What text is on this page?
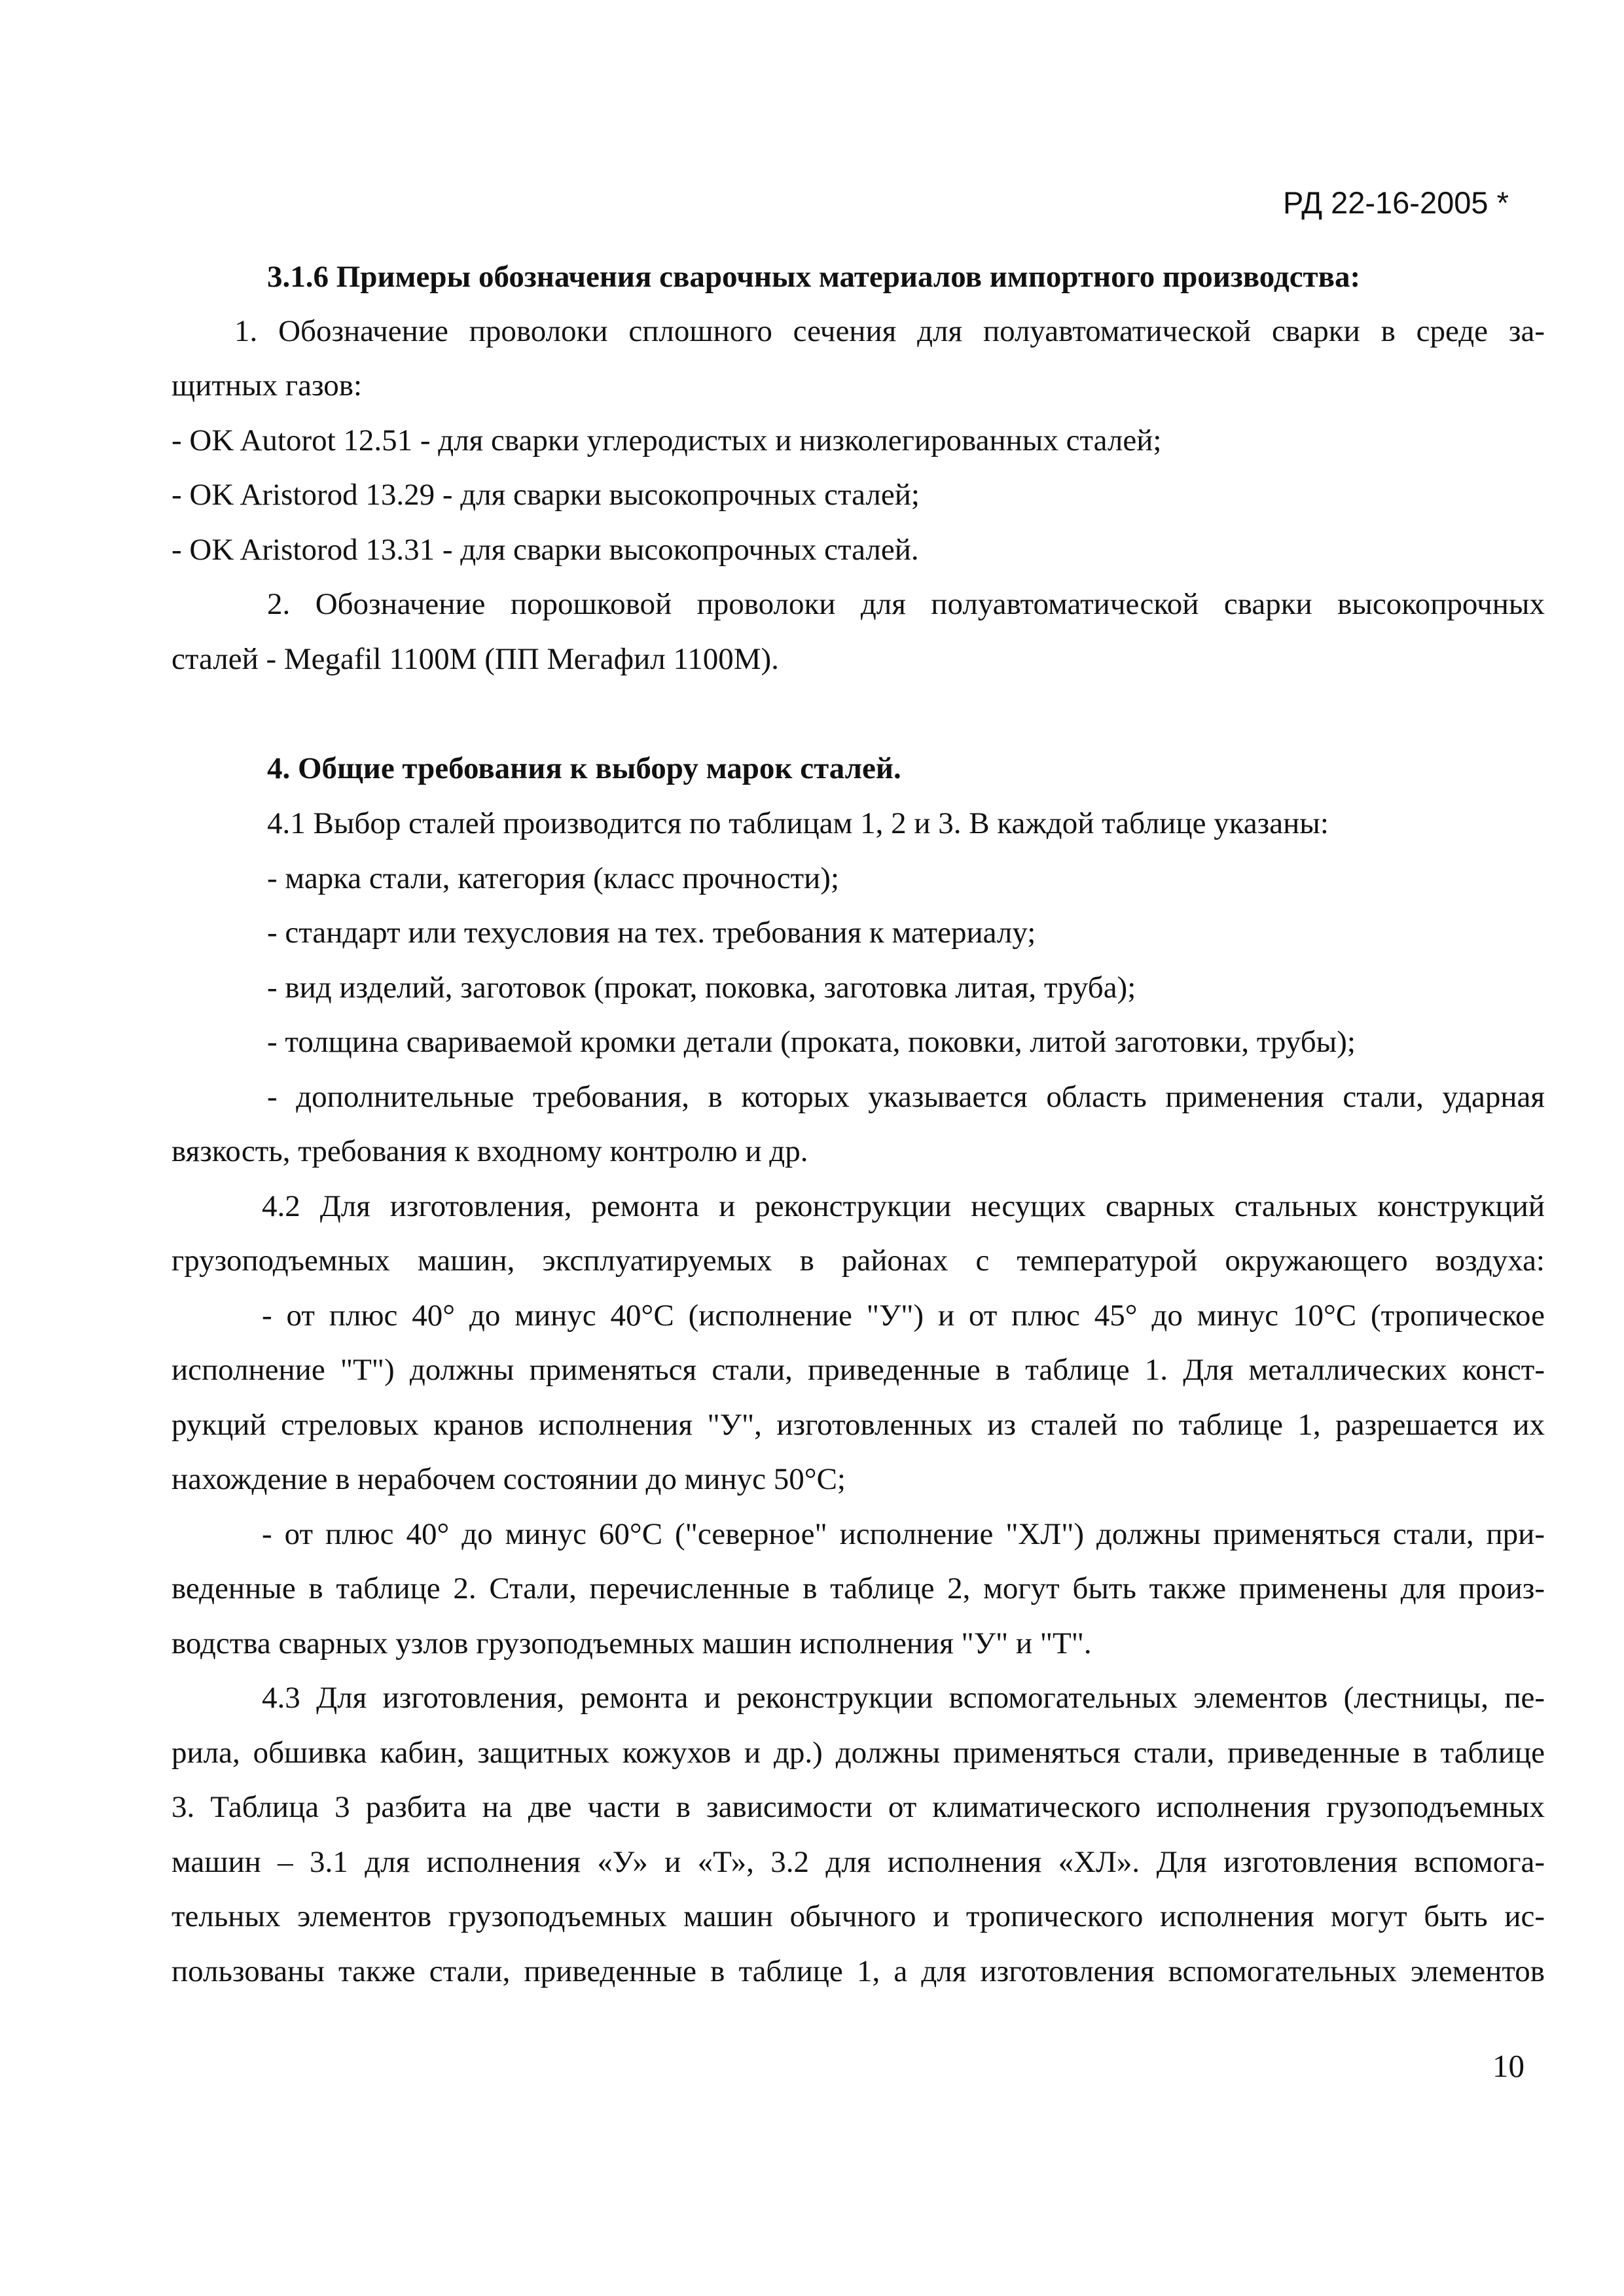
РД 22-16-2005 *
3.1.6 Примеры обозначения сварочных материалов импортного производства:
1. Обозначение проволоки сплошного сечения для полуавтоматической сварки в среде за-
щитных газов:
- OK Autorot 12.51 - для сварки углеродистых и низколегированных сталей;
- OK Aristorod 13.29 - для сварки высокопрочных сталей;
- OK Aristorod 13.31 - для сварки высокопрочных сталей.
2. Обозначение порошковой проволоки для полуавтоматической сварки высокопрочных
сталей - Megafil 1100M (ПП Мегафил 1100М).
4. Общие требования к выбору марок сталей.
4.1 Выбор сталей производится по таблицам 1, 2 и 3. В каждой таблице указаны:
- марка стали, категория (класс прочности);
- стандарт или техусловия на тех. требования к материалу;
- вид изделий, заготовок (прокат, поковка, заготовка литая, труба);
- толщина свариваемой кромки детали (проката, поковки, литой заготовки, трубы);
- дополнительные требования, в которых указывается область применения стали, ударная
вязкость, требования к входному контролю и др.
4.2 Для изготовления, ремонта и реконструкции несущих сварных стальных конструкций
грузоподъемных машин, эксплуатируемых в районах с температурой окружающего воздуха:
- от плюс 40° до минус 40°С (исполнение "У") и от плюс 45° до минус 10°С (тропическое
исполнение "Т") должны применяться стали, приведенные в таблице 1. Для металлических конст-
рукций стреловых кранов исполнения "У", изготовленных из сталей по таблице 1, разрешается их
нахождение в нерабочем состоянии до минус 50°С;
- от плюс 40° до минус 60°С ("северное" исполнение "ХЛ") должны применяться стали, при-
веденные в таблице 2. Стали, перечисленные в таблице 2, могут быть также применены для произ-
водства сварных узлов грузоподъемных машин исполнения "У" и "Т".
4.3 Для изготовления, ремонта и реконструкции вспомогательных элементов (лестницы, пе-
рила, обшивка кабин, защитных кожухов и др.) должны применяться стали, приведенные в таблице
3. Таблица 3 разбита на две части в зависимости от климатического исполнения грузоподъемных
машин – 3.1 для исполнения «У» и «Т», 3.2 для исполнения «ХЛ». Для изготовления вспомога-
тельных элементов грузоподъемных машин обычного и тропического исполнения могут быть ис-
пользованы также стали, приведенные в таблице 1, а для изготовления вспомогательных элементов
10
